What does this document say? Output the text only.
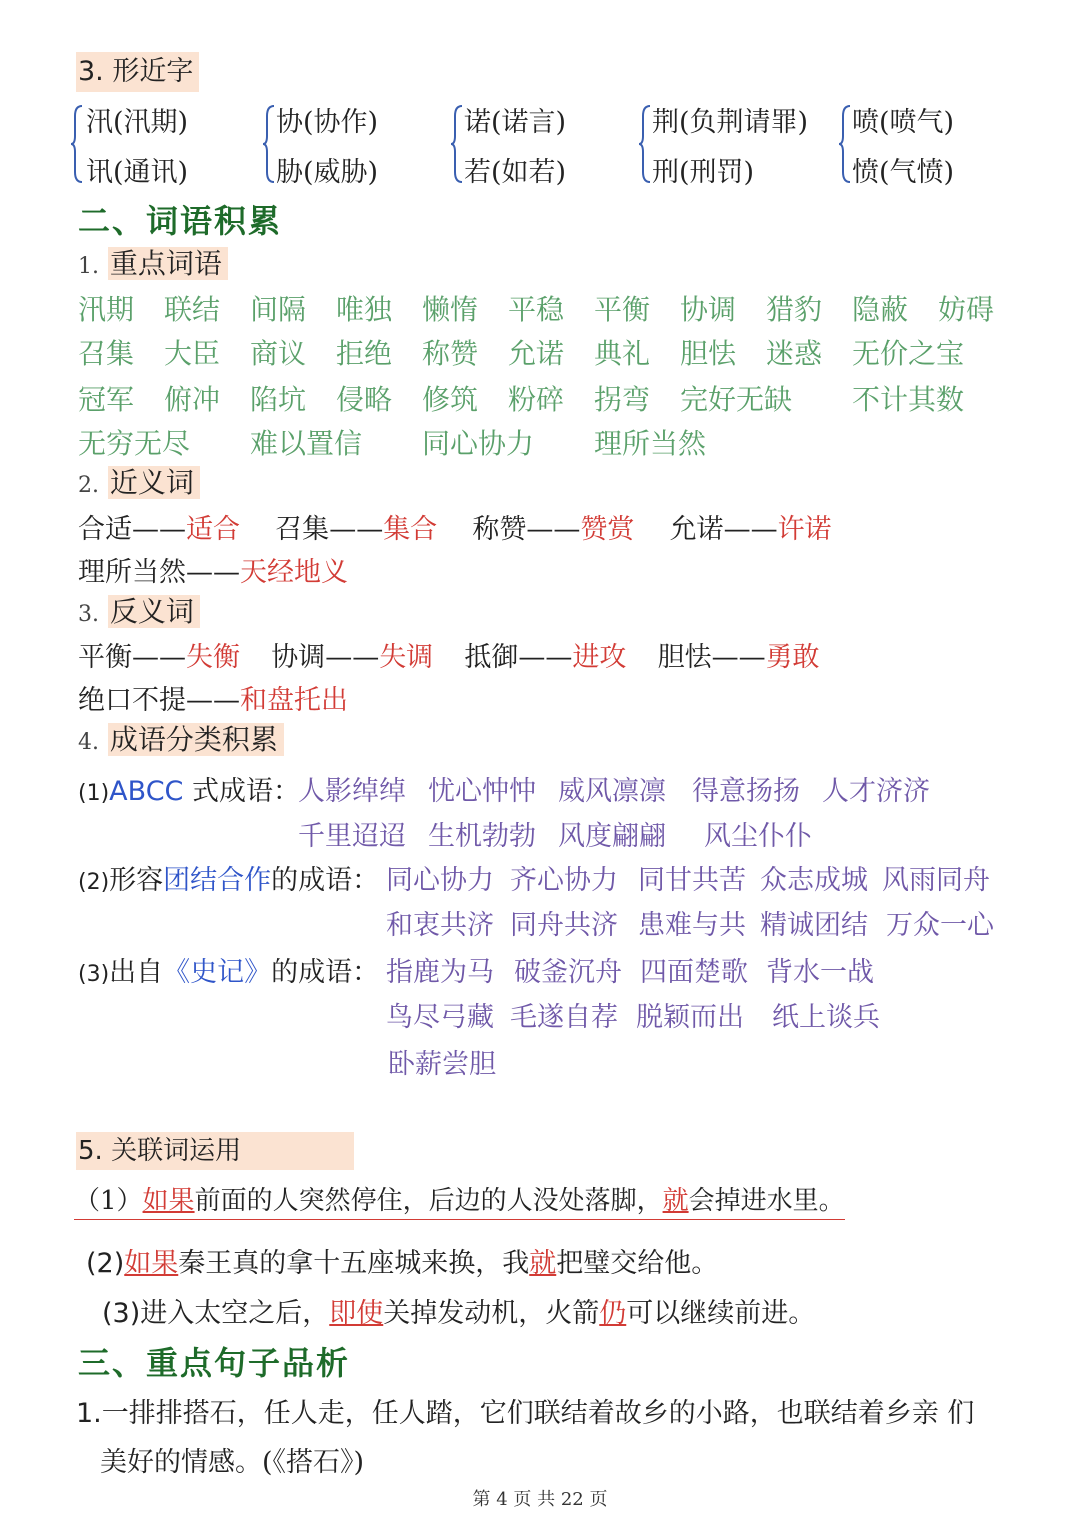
3. 形近字
汛(汛期)
讯(通讯)
协(协作)
胁(威胁)
诺(诺言)
若(如若)
荆(负荆请罪)
刑(刑罚)
喷(喷气)
愤(气愤)
二、词语积累
1. 重点词语
汛期 联结 间隔 唯独 懒惰 平稳 平衡 协调 猎豹 隐蔽 妨碍
召集 大臣 商议 拒绝 称赞 允诺 典礼 胆怯 迷惑 无价之宝
冠军 俯冲 陷坑 侵略 修筑 粉碎 拐弯 完好无缺 不计其数
无穷无尽 难以置信 同心协力 理所当然
2. 近义词
合适——适合 召集——集合 称赞——赞赏 允诺——许诺
理所当然——天经地义
3. 反义词
平衡——失衡 协调——失调 抵御——进攻 胆怯——勇敢
绝口不提——和盘托出
4. 成语分类积累
(1)ABCC 式成语：
人影绰绰 忧心忡忡 威风凛凛 得意扬扬 人才济济
千里迢迢 生机勃勃 风度翩翩 风尘仆仆
(2)形容团结合作的成语： 同心协力 齐心协力 同甘共苦 众志成城 风雨同舟
和衷共济 同舟共济 患难与共 精诚团结 万众一心
(3)出自《史记》的成语： 指鹿为马 破釜沉舟 四面楚歌 背水一战
鸟尽弓藏 毛遂自荐 脱颖而出 纸上谈兵
卧薪尝胆
5. 关联词运用
（1）如果前面的人突然停住，后边的人没处落脚，就会掉进水里。
(2)如果秦王真的拿十五座城来换，我就把璧交给他。
(3)进入太空之后，即使关掉发动机，火箭仍可以继续前进。
三、重点句子品析
1.一排排搭石，任人走，任人踏，它们联结着故乡的小路，也联结着乡亲 们
美好的情感。(《搭石》)
第 4 页 共 22 页
